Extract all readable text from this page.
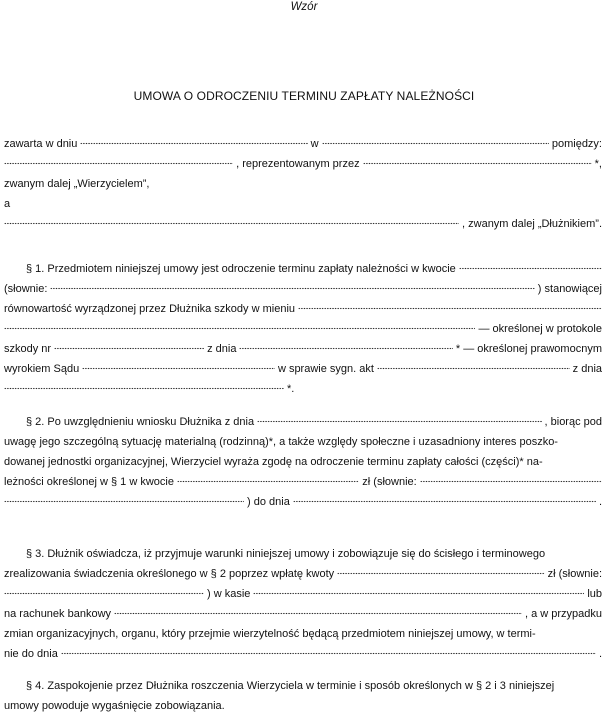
Wzór
UMOWA O ODROCZENIU TERMINU ZAPŁATY NALEŻNOŚCI
zawarta w dniu	w	pomiędzy:
, reprezentowanym przez	*,
zwanym dalej „Wierzycielem”,
a
, zwanym dalej „Dłużnikiem”.
§ 1. Przedmiotem niniejszej umowy jest odroczenie terminu zapłaty należności w kwocie
(słownie:	) stanowiącej
równowartość wyrządzonej przez Dłużnika szkody w mieniu
— określonej w protokole
szkody nr	z dnia	* — określonej prawomocnym
wyrokiem Sądu	w sprawie sygn. akt	z dnia
*.
§ 2. Po uwzględnieniu wniosku Dłużnika z dnia	, biorąc pod
uwagę jego szczególną sytuację materialną (rodzinną)*, a także względy społeczne i uzasadniony interes poszko-
dowanej jednostki organizacyjnej, Wierzyciel wyraża zgodę na odroczenie terminu zapłaty całości (części)* na-
leżności określonej w § 1 w kwocie	zł (słownie:
) do dnia	.
§ 3. Dłużnik oświadcza, iż przyjmuje warunki niniejszej umowy i zobowiązuje się do ścisłego i terminowego
zrealizowania świadczenia określonego w § 2 poprzez wpłatę kwoty	zł (słownie:
) w kasie	lub
na rachunek bankowy	, a w przypadku
zmian organizacyjnych, organu, który przejmie wierzytelność będącą przedmiotem niniejszej umowy, w termi-
nie do dnia	.
§ 4. Zaspokojenie przez Dłużnika roszczenia Wierzyciela w terminie i sposób określonych w § 2 i 3 niniejszej
umowy powoduje wygaśnięcie zobowiązania.
